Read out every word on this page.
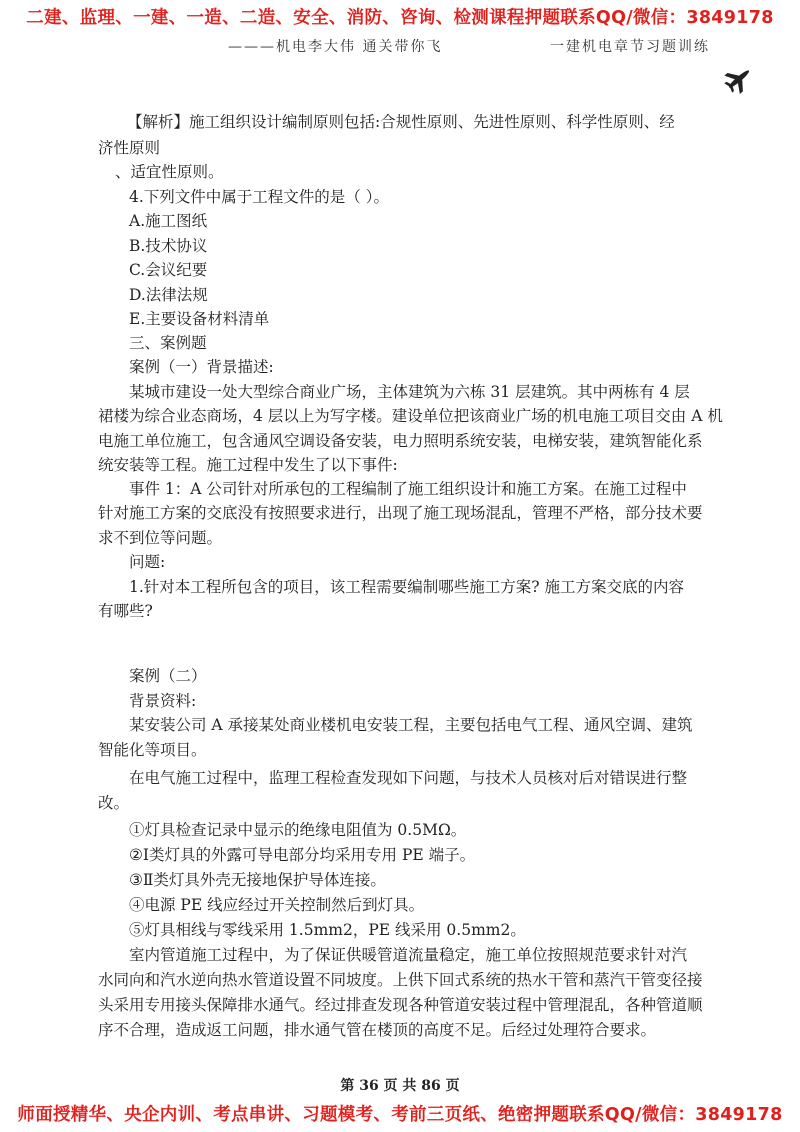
二建、监理、一建、一造、二造、安全、消防、咨询、检测课程押题联系QQ/微信：3849178
———机电李大伟 通关带你飞	一建机电章节习题训练
【解析】施工组织设计编制原则包括:合规性原则、先进性原则、科学性原则、经
济性原则
、适宜性原则。
4.下列文件中属于工程文件的是（ ）。
A.施工图纸
B.技术协议
C.会议纪要
D.法律法规
E.主要设备材料清单
三、案例题
案例（一）背景描述:
某城市建设一处大型综合商业广场，主体建筑为六栋 31 层建筑。其中两栋有 4 层
裙楼为综合业态商场，4 层以上为写字楼。建设单位把该商业广场的机电施工项目交由 A 机
电施工单位施工，包含通风空调设备安装，电力照明系统安装，电梯安装，建筑智能化系
统安装等工程。施工过程中发生了以下事件:
事件 1：A 公司针对所承包的工程编制了施工组织设计和施工方案。在施工过程中
针对施工方案的交底没有按照要求进行，出现了施工现场混乱，管理不严格，部分技术要
求不到位等问题。
问题:
1.针对本工程所包含的项目，该工程需要编制哪些施工方案? 施工方案交底的内容
有哪些?
案例（二）
背景资料:
某安装公司 A 承接某处商业楼机电安装工程，主要包括电气工程、通风空调、建筑
智能化等项目。
在电气施工过程中，监理工程检查发现如下问题，与技术人员核对后对错误进行整
改。
①灯具检查记录中显示的绝缘电阻值为 0.5MΩ。
②Ⅰ类灯具的外露可导电部分均采用专用 PE 端子。
③Ⅱ类灯具外壳无接地保护导体连接。
④电源 PE 线应经过开关控制然后到灯具。
⑤灯具相线与零线采用 1.5mm2，PE 线采用 0.5mm2。
室内管道施工过程中，为了保证供暖管道流量稳定，施工单位按照规范要求针对汽
水同向和汽水逆向热水管道设置不同坡度。上供下回式系统的热水干管和蒸汽干管变径接
头采用专用接头保障排水通气。经过排查发现各种管道安装过程中管理混乱，各种管道顺
序不合理，造成返工问题，排水通气管在楼顶的高度不足。后经过处理符合要求。
第 36 页 共 86 页
师面授精华、央企内训、考点串讲、习题模考、考前三页纸、绝密押题联系QQ/微信：3849178
